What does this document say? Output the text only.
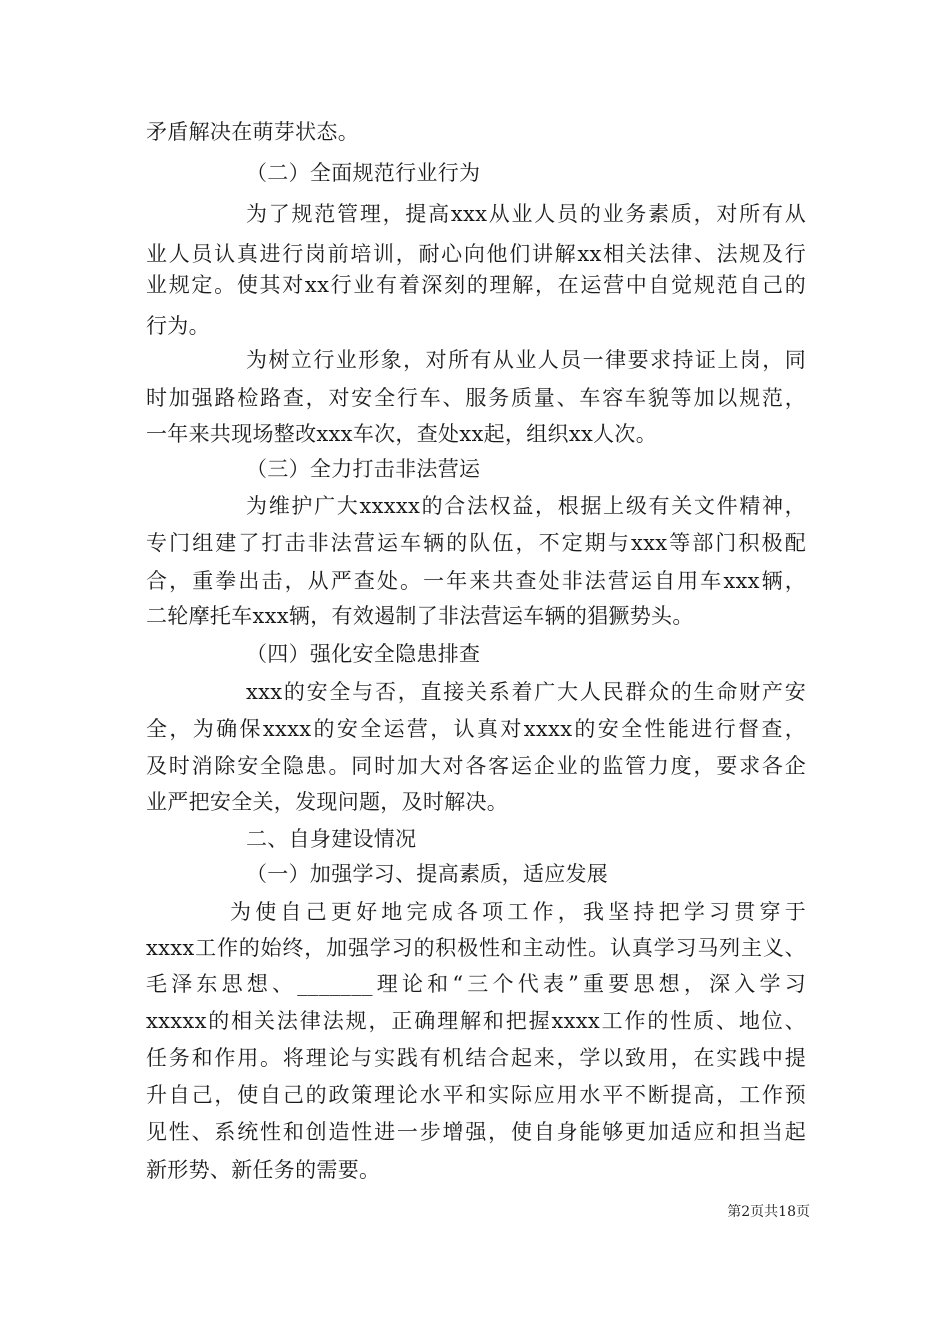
矛盾解决在萌芽状态。
（二）全面规范行业行为
为了规范管理，提高xxx从业人员的业务素质，对所有从
业人员认真进行岗前培训，耐心向他们讲解xx相关法律、法规及行
业规定。使其对xx行业有着深刻的理解，在运营中自觉规范自己的
行为。
为树立行业形象，对所有从业人员一律要求持证上岗，同
时加强路检路查，对安全行车、服务质量、车容车貌等加以规范，
一年来共现场整改xxx车次，查处xx起，组织xx人次。
（三）全力打击非法营运
为维护广大xxxxx的合法权益，根据上级有关文件精神，
专门组建了打击非法营运车辆的队伍，不定期与xxx等部门积极配
合，重拳出击，从严查处。一年来共查处非法营运自用车xxx辆，
二轮摩托车xxx辆，有效遏制了非法营运车辆的猖獗势头。
（四）强化安全隐患排查
xxx的安全与否，直接关系着广大人民群众的生命财产安
全，为确保xxxx的安全运营，认真对xxxx的安全性能进行督查，
及时消除安全隐患。同时加大对各客运企业的监管力度，要求各企
业严把安全关，发现问题，及时解决。
二、自身建设情况
（一）加强学习、提高素质，适应发展
为使自己更好地完成各项工作，我坚持把学习贯穿于
xxxx工作的始终，加强学习的积极性和主动性。认真学习马列主义、
毛泽东思想、_______理论和“三个代表”重要思想，深入学习
xxxxx的相关法律法规，正确理解和把握xxxx工作的性质、地位、
任务和作用。将理论与实践有机结合起来，学以致用，在实践中提
升自己，使自己的政策理论水平和实际应用水平不断提高，工作预
见性、系统性和创造性进一步增强，使自身能够更加适应和担当起
新形势、新任务的需要。
第2页共18页
